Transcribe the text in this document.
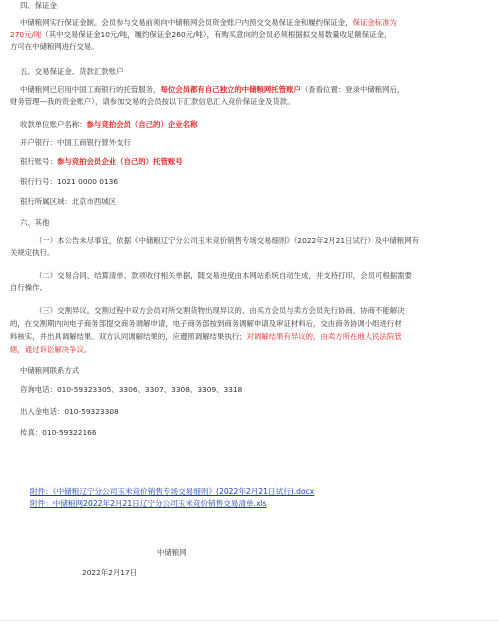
四、保证金
中储粮网实行保证金制。会员参与交易前须向中储粮网会员资金账户内预交交易保证金和履约保证金，保证金标准为
270元/吨（其中交易保证金10元/吨，履约保证金260元/吨），有购买意向的会员必须根据拟交易数量收足额保证金，
方可在中储粮网进行交易。
五、交易保证金、货款汇款账户
中储粮网已启用中国工商银行的托管服务，每位会员都有自己独立的中储粮网托管账户（查看位置：登录中储粮网后，
财务管理—我的资金账户），请参加交易的会员按以下汇款信息汇入竞价保证金及货款。
收款单位账户名称：参与竞拍会员（自己的）企业名称
开户银行：中国工商银行營外支行
银行账号：参与竞拍会员企业（自己的）托管账号
银行行号：1021 0000 0136
银行所属区域：北京市西城区
六、其他
（一）本公告未尽事宜，依据《中储粮辽宁分公司玉米竞价销售专场交易细则》（2022年2月21日试行）及中储粮网有
关规定执行。
（二）交易合同、结算清单、款项收付相关单据，随交易进度由本网站系统自动生成，并支持打印，会员可根据需要
自行操作。
（三）交割异议。交割过程中双方会员对所交割货物出现异议的，由买方会员与卖方会员先行协商。协商不能解决
的，在交割期内向电子商务部提交商务调解申请，电子商务部按到商务调解申请及审证材料后，交由商务协调小组进行材
料核实，并出具调解结果。双方认同调解结果的，应遵照调解结果执行；对调解结果有异议的，由卖方所在地人民法院管
辖，通过诉讼解决争议。
中储粮网联系方式
咨询电话：010-59323305、3306、3307、3308、3309、3318
出入金电话：010-59323308
传真：010-59322166
附件：《中储粮辽宁分公司玉米竞价销售专场交易细则》(2022年2月21日试行).docx
附件：中储粮网2022年2月21日辽宁分公司玉米竞价销售交易清单.xls
中储粮网
2022年2月17日
